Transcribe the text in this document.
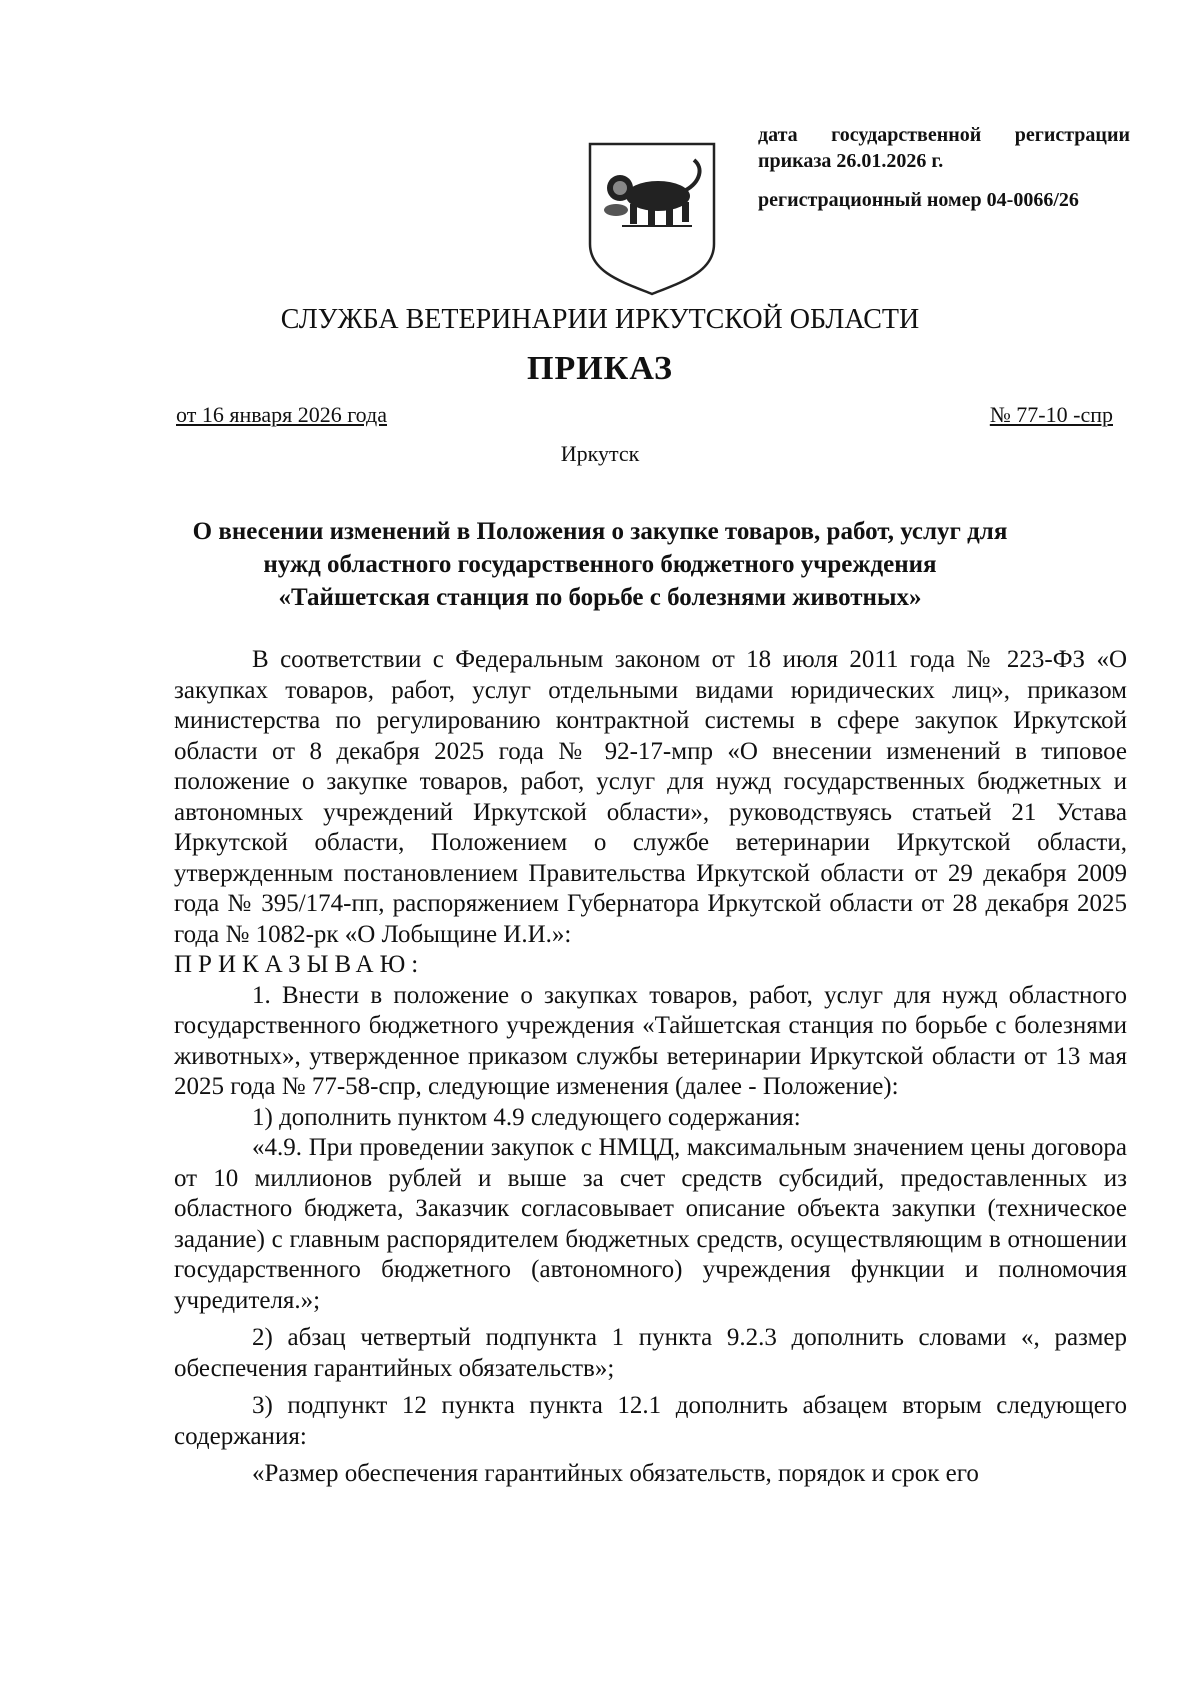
дата государственной регистрации
приказа 26.01.2026 г.
регистрационный номер 04-0066/26
СЛУЖБА ВЕТЕРИНАРИИ ИРКУТСКОЙ ОБЛАСТИ
ПРИКАЗ
от 16 января 2026 года	№ 77-10 -спр
Иркутск
О внесении изменений в Положения о закупке товаров, работ, услуг для
нужд областного государственного бюджетного учреждения
«Тайшетская станция по борьбе с болезнями животных»

В соответствии с Федеральным законом от 18 июля 2011 года № 223-ФЗ «О закупках товаров, работ, услуг отдельными видами юридических лиц», приказом министерства по регулированию контрактной системы в сфере закупок Иркутской области от 8 декабря 2025 года № 92-17-мпр «О внесении изменений в типовое положение о закупке товаров, работ, услуг для нужд государственных бюджетных и автономных учреждений Иркутской области», руководствуясь статьей 21 Устава Иркутской области, Положением о службе ветеринарии Иркутской области, утвержденным постановлением Правительства Иркутской области от 29 декабря 2009 года № 395/174-пп, распоряжением Губернатора Иркутской области от 28 декабря 2025 года № 1082-рк «О Лобыщине И.И.»:

ПРИКАЗЫВАЮ:

1. Внести в положение о закупках товаров, работ, услуг для нужд областного государственного бюджетного учреждения «Тайшетская станция по борьбе с болезнями животных», утвержденное приказом службы ветеринарии Иркутской области от 13 мая 2025 года № 77-58-спр, следующие изменения (далее - Положение):

1) дополнить пунктом 4.9 следующего содержания:

«4.9. При проведении закупок с НМЦД, максимальным значением цены договора от 10 миллионов рублей и выше за счет средств субсидий, предоставленных из областного бюджета, Заказчик согласовывает описание объекта закупки (техническое задание) с главным распорядителем бюджетных средств, осуществляющим в отношении государственного бюджетного (автономного) учреждения функции и полномочия учредителя.»;

2) абзац четвертый подпункта 1 пункта 9.2.3 дополнить словами «, размер обеспечения гарантийных обязательств»;

3) подпункт 12 пункта пункта 12.1 дополнить абзацем вторым следующего содержания:

«Размер обеспечения гарантийных обязательств, порядок и срок его
